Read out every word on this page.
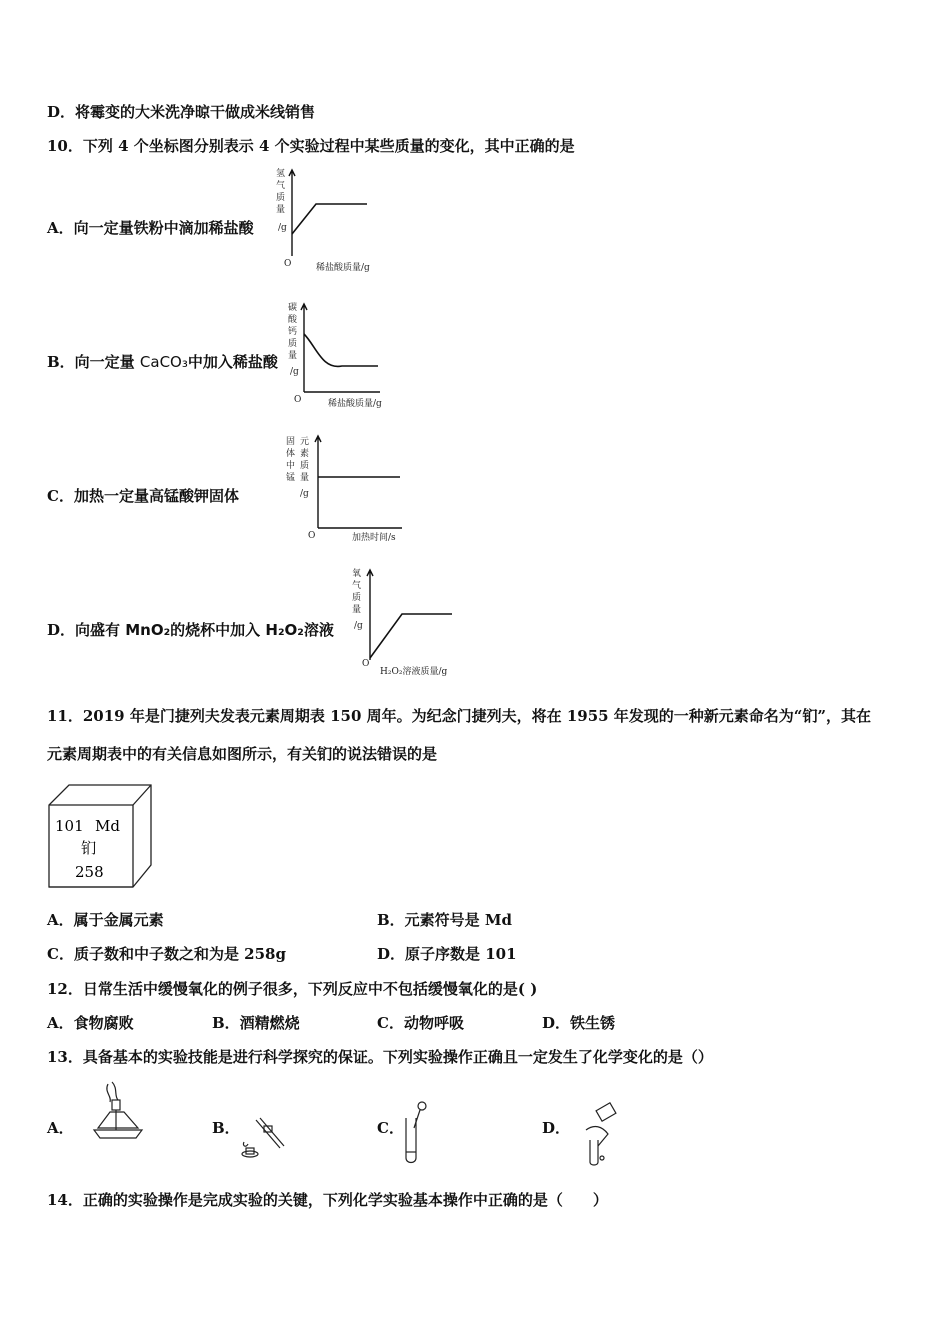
D．将霉变的大米洗净晾干做成米线销售
10．下列 4 个坐标图分别表示 4 个实验过程中某些质量的变化，其中正确的是
A．向一定量铁粉中滴加稀盐酸
氢
气
质
量
/g
O	稀盐酸质量/g
B．向一定量 CaCO₃中加入稀盐酸
碳
酸
钙
质
量
/g
O	稀盐酸质量/g
C．加热一定量高锰酸钾固体
固
体
中
锰
元
素
质
量
/g
O	加热时间/s
D．向盛有 MnO₂的烧杯中加入 H₂O₂溶液
氧
气
质
量
/g
O
H₂O₂溶液质量/g
11．2019 年是门捷列夫发表元素周期表 150 周年。为纪念门捷列夫，将在 1955 年发现的一种新元素命名为“钔”，其在
元素周期表中的有关信息如图所示，有关钔的说法错误的是
101 Md
钔
258
A．属于金属元素	B．元素符号是 Md
C．质子数和中子数之和为是 258g	D．原子序数是 101
12．日常生活中缓慢氧化的例子很多，下列反应中不包括缓慢氧化的是( )
A．食物腐败	B．酒精燃烧	C．动物呼吸	D．铁生锈
13．具备基本的实验技能是进行科学探究的保证。下列实验操作正确且一定发生了化学变化的是（）
A．	B．	C．	D．
14．正确的实验操作是完成实验的关键，下列化学实验基本操作中正确的是（　　）
